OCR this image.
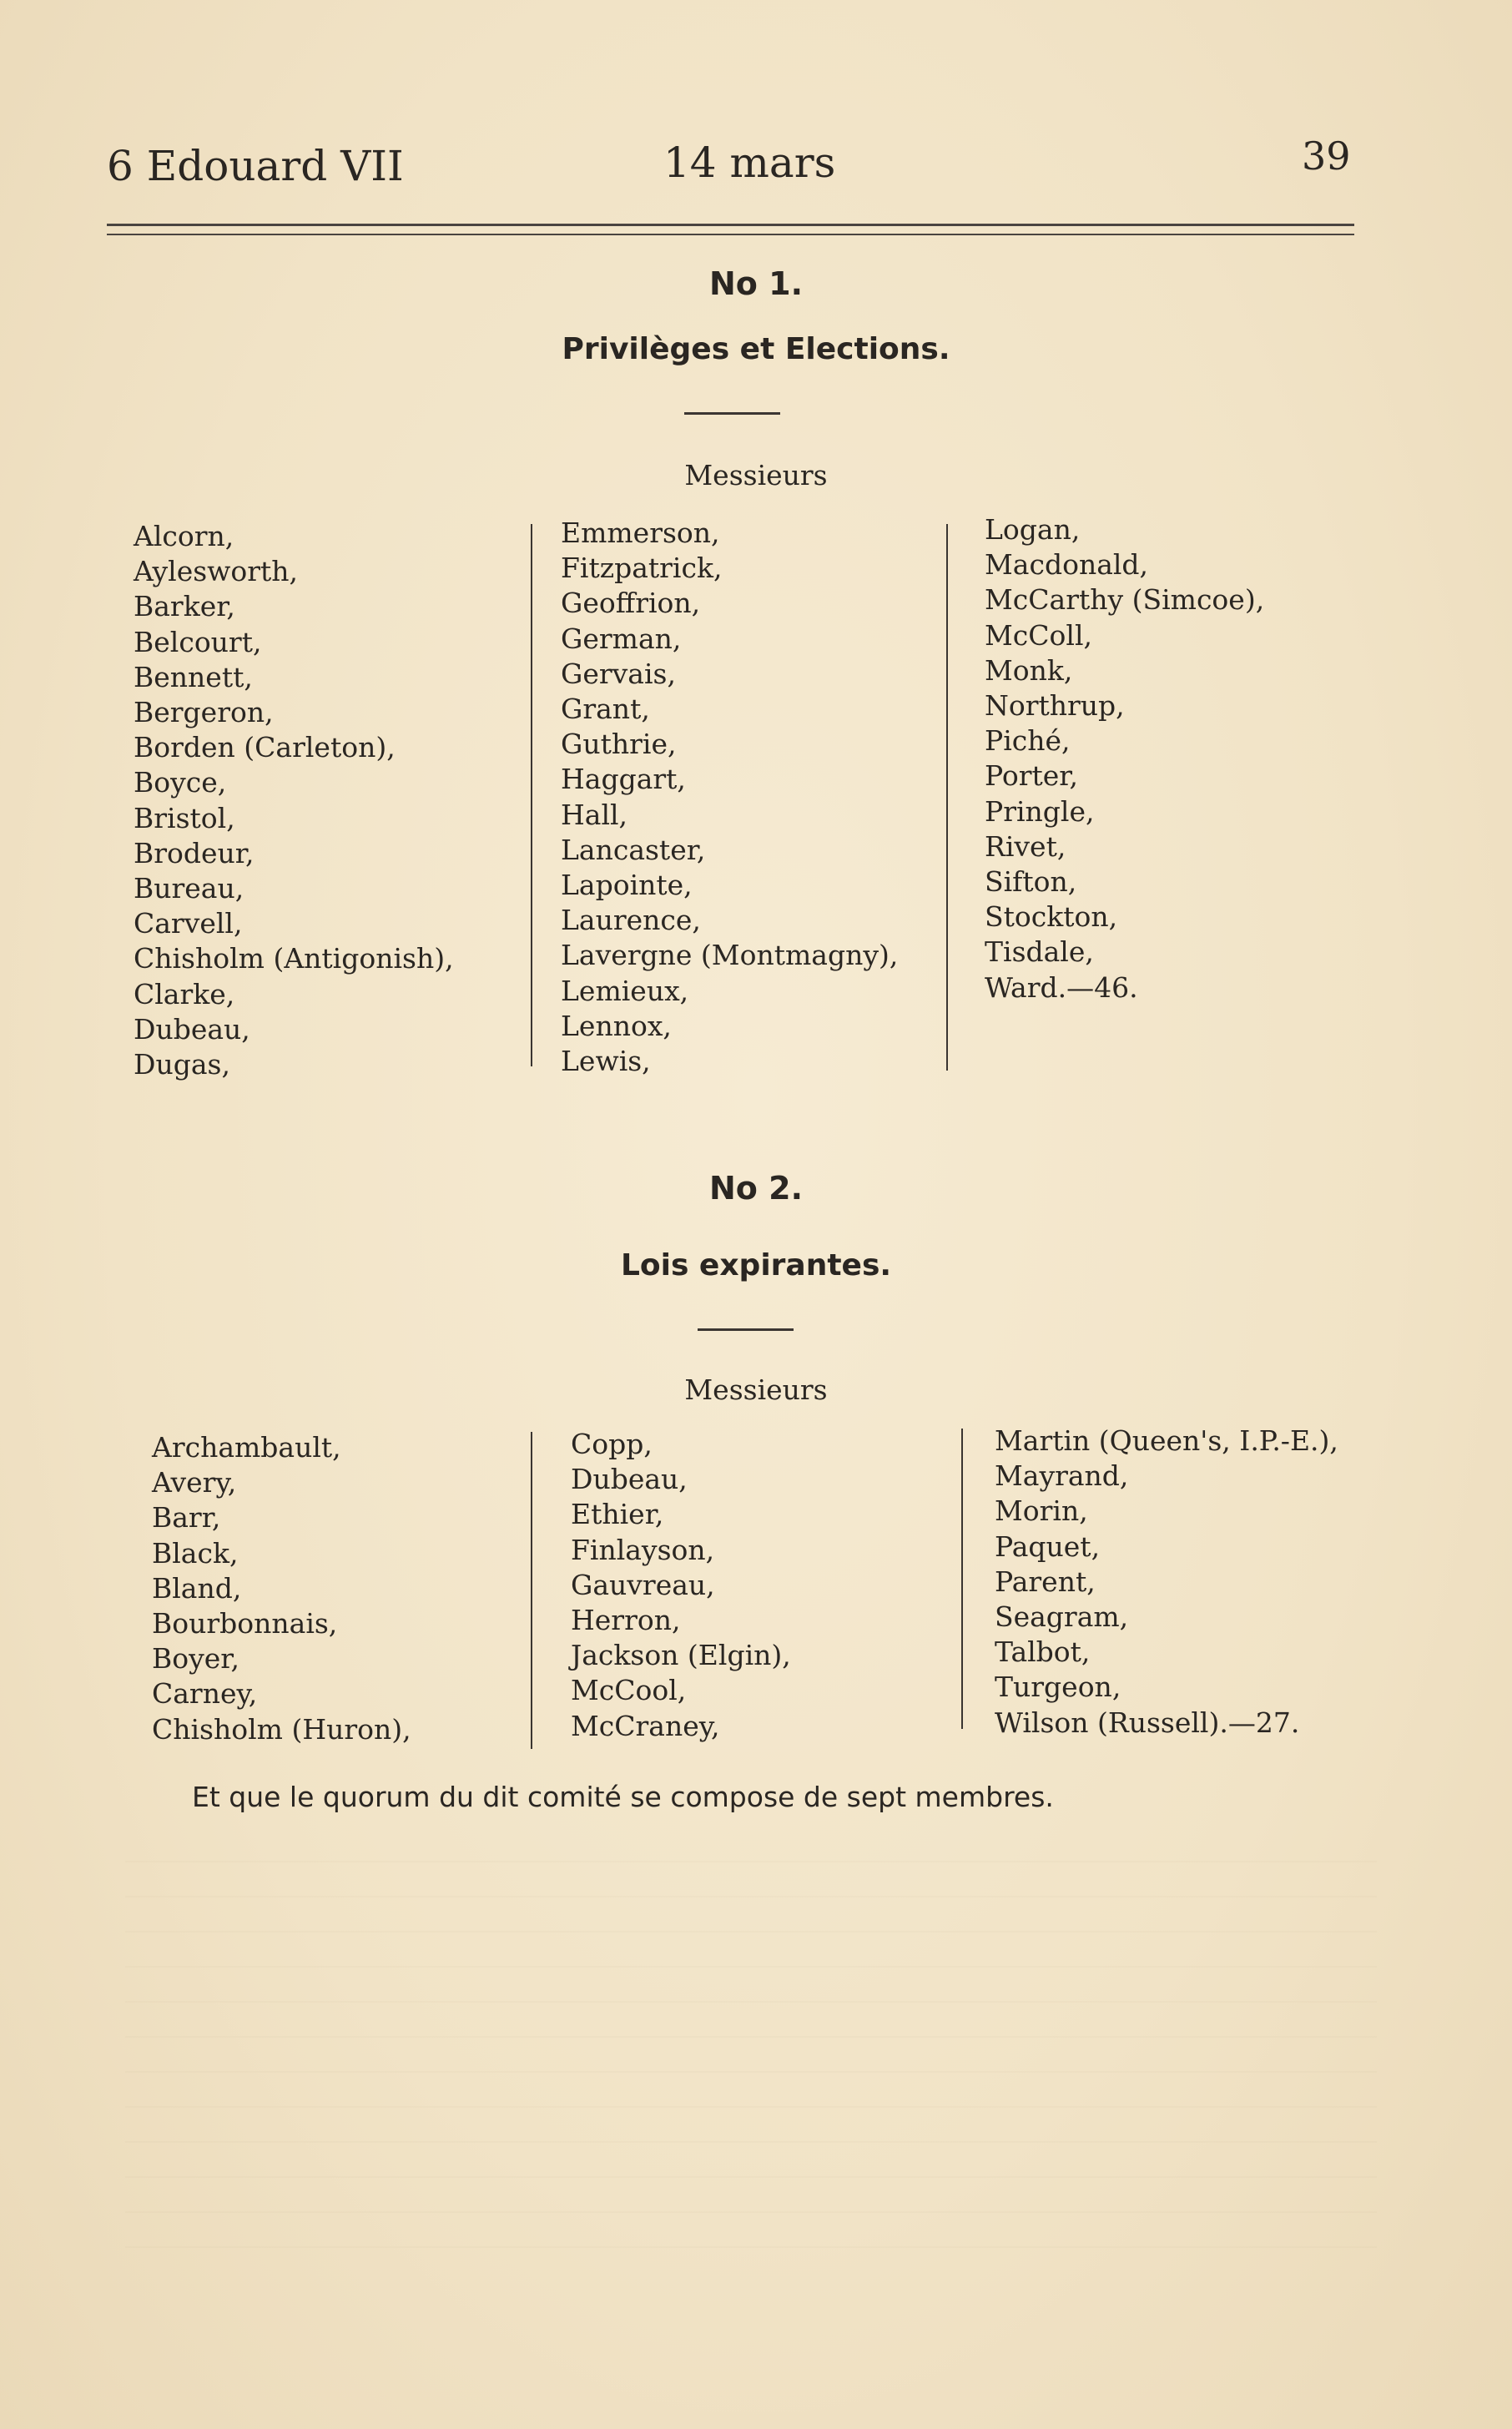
6 Edouard VII	14 mars	39
No 1.
Privilèges et Elections.
Messieurs
Alcorn,
Aylesworth,
Barker,
Belcourt,
Bennett,
Bergeron,
Borden (Carleton),
Boyce,
Bristol,
Brodeur,
Bureau,
Carvell,
Chisholm (Antigonish),
Clarke,
Dubeau,
Dugas,
Emmerson,
Fitzpatrick,
Geoffrion,
German,
Gervais,
Grant,
Guthrie,
Haggart,
Hall,
Lancaster,
Lapointe,
Laurence,
Lavergne (Montmagny),
Lemieux,
Lennox,
Lewis,
Logan,
Macdonald,
McCarthy (Simcoe),
McColl,
Monk,
Northrup,
Piché,
Porter,
Pringle,
Rivet,
Sifton,
Stockton,
Tisdale,
Ward.—46.
No 2.
Lois expirantes.
Messieurs
Archambault,
Avery,
Barr,
Black,
Bland,
Bourbonnais,
Boyer,
Carney,
Chisholm (Huron),
Copp,
Dubeau,
Ethier,
Finlayson,
Gauvreau,
Herron,
Jackson (Elgin),
McCool,
McCraney,
Martin (Queen's, I.P.-E.),
Mayrand,
Morin,
Paquet,
Parent,
Seagram,
Talbot,
Turgeon,
Wilson (Russell).—27.
Et que le quorum du dit comité se compose de sept membres.
